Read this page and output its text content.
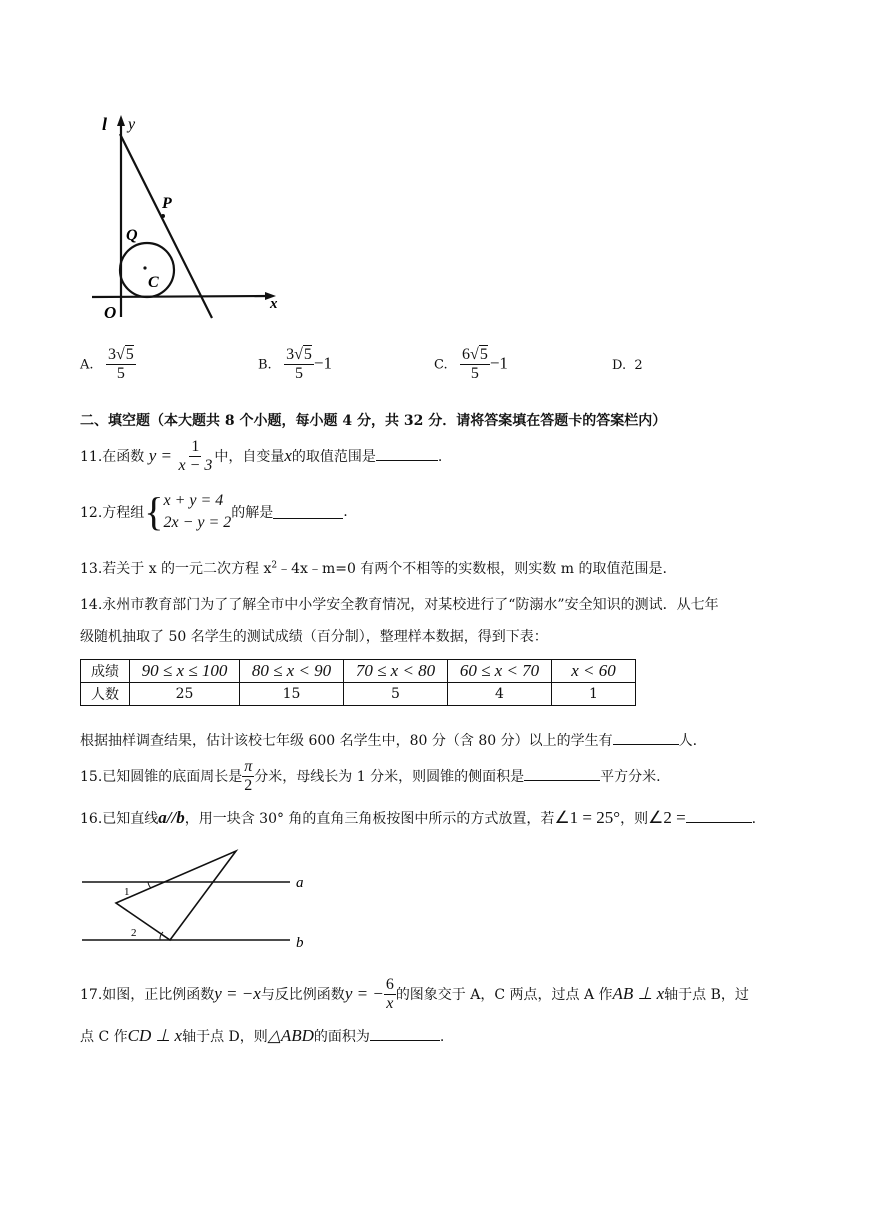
l y
P
Q
C
O	x
A. $\frac{3√5}{5}$	B. $\frac{3√5}{5} -1$	C. $\frac{6√5}{5} -1$	D. 2
二、填空题（本大题共 8 个小题，每小题 4 分，共 32 分．请将答案填在答题卡的答案栏内）
11.在函数 $y = \frac{1}{x - 3}$ 中，自变量x的取值范围是	.
12.方程组{ x + y = 4
2x − y = 2
的解是	.
13.若关于 x 的一元二次方程 $x^2﹣4x﹣m=0$ 有两个不相等的实数根，则实数 m 的取值范围是.
14.永州市教育部门为了了解全市中小学安全教育情况，对某校进行了“防溺水”安全知识的测试．从七年
级随机抽取了 50 名学生的测试成绩（百分制），整理样本数据，得到下表：
成绩	90 ≤ x ≤ 100	80 ≤ x < 90	70 ≤ x < 80	60 ≤ x < 70	x < 60
人数	25	15	5	4	1
根据抽样调查结果，估计该校七年级 600 名学生中，80 分（含 80 分）以上的学生有	人.
15.已知圆锥的底面周长是 $\frac{\pi}{2}$ 分米，母线长为 1 分米，则圆锥的侧面积是	平方分米.
16.已知直线a//b，用一块含 30° 角的直角三角板按图中所示的方式放置，若∠1 = 25°，则∠2 =	.
a
b
1
2
17.如图，正比例函数y = −x与反比例函数y = − $\frac{6}{x}$ 的图象交于 A，C 两点，过点 A 作AB ⊥ x轴于点 B，过
点 C 作CD ⊥ x轴于点 D，则△ABD的面积为	.
